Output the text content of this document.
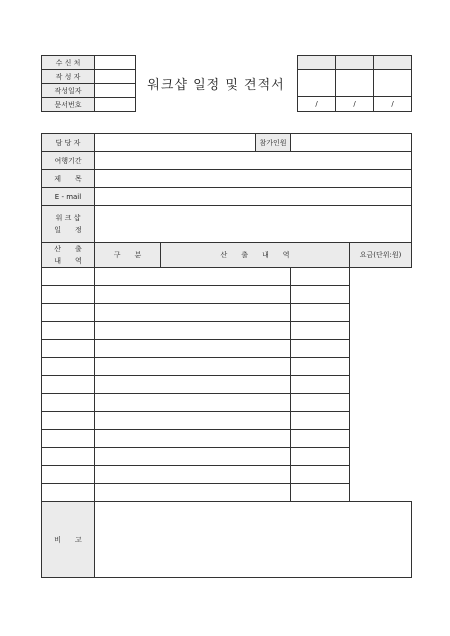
수 신 처	
작 성 자	
작성일자	
문서번호	
워크샵 일정 및 견적서

/	/	/
담 당 자			참가인원		
여행기간					
제　　목					
E - mail					
워 크 샵
일　　정					
산　　출
내　　역	구　　분	산　　출　　내　　역			요금(단위:원)

비　　고					
